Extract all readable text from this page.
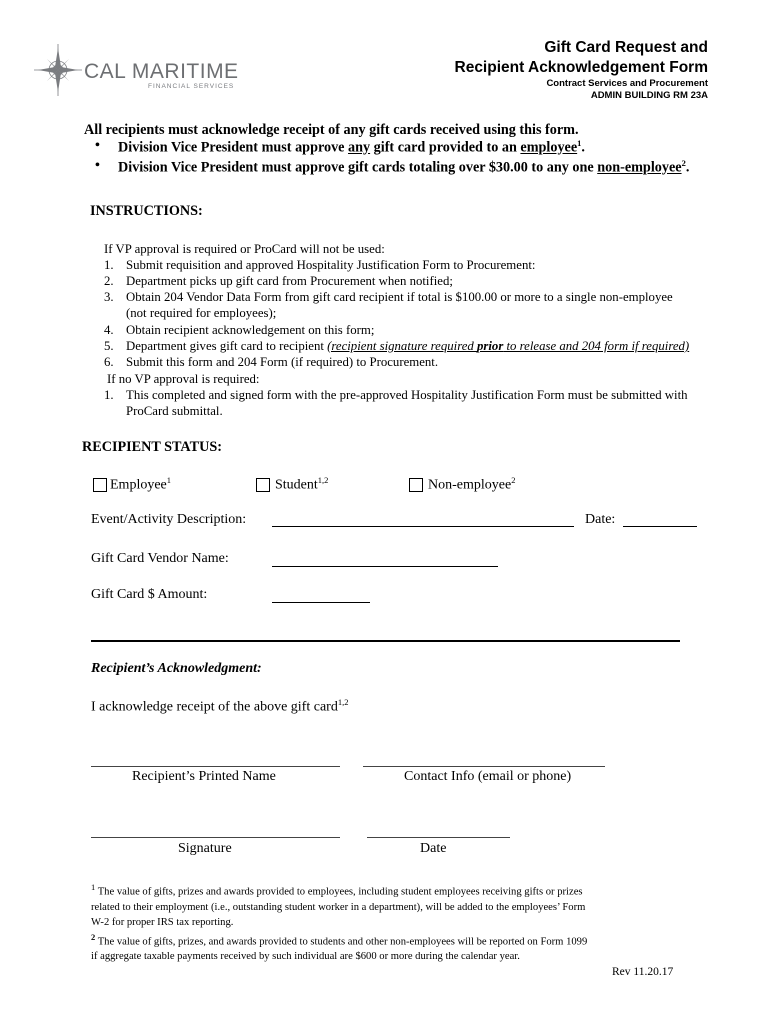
CAL MARITIME
FINANCIAL SERVICES
Gift Card Request and
Recipient Acknowledgement Form
Contract Services and Procurement
ADMIN BUILDING RM 23A
All recipients must acknowledge receipt of any gift cards received using this form.
• Division Vice President must approve any gift card provided to an employee$^1$.
• Division Vice President must approve gift cards totaling over $30.00 to any one non-employee$^2$.
INSTRUCTIONS:
If VP approval is required or ProCard will not be used:
1. Submit requisition and approved Hospitality Justification Form to Procurement:
2. Department picks up gift card from Procurement when notified;
3. Obtain 204 Vendor Data Form from gift card recipient if total is $100.00 or more to a single non-employee
(not required for employees);
4. Obtain recipient acknowledgement on this form;
5. Department gives gift card to recipient (recipient signature required prior to release and 204 form if required)
6. Submit this form and 204 Form (if required) to Procurement.
If no VP approval is required:
1. This completed and signed form with the pre-approved Hospitality Justification Form must be submitted with
ProCard submittal.
RECIPIENT STATUS:
Employee$^1$	Student$^{1,2}$	Non-employee$^2$
Event/Activity Description:	Date:
Gift Card Vendor Name:
Gift Card $ Amount:
Recipient’s Acknowledgment:
I acknowledge receipt of the above gift card$^{1,2}$
Recipient’s Printed Name	Contact Info (email or phone)
Signature	Date
$^1$ The value of gifts, prizes and awards provided to employees, including student employees receiving gifts or prizes
related to their employment (i.e., outstanding student worker in a department), will be added to the employees’ Form
W-2 for proper IRS tax reporting.
$^2$ The value of gifts, prizes, and awards provided to students and other non-employees will be reported on Form 1099
if aggregate taxable payments received by such individual are $600 or more during the calendar year.
Rev 11.20.17
